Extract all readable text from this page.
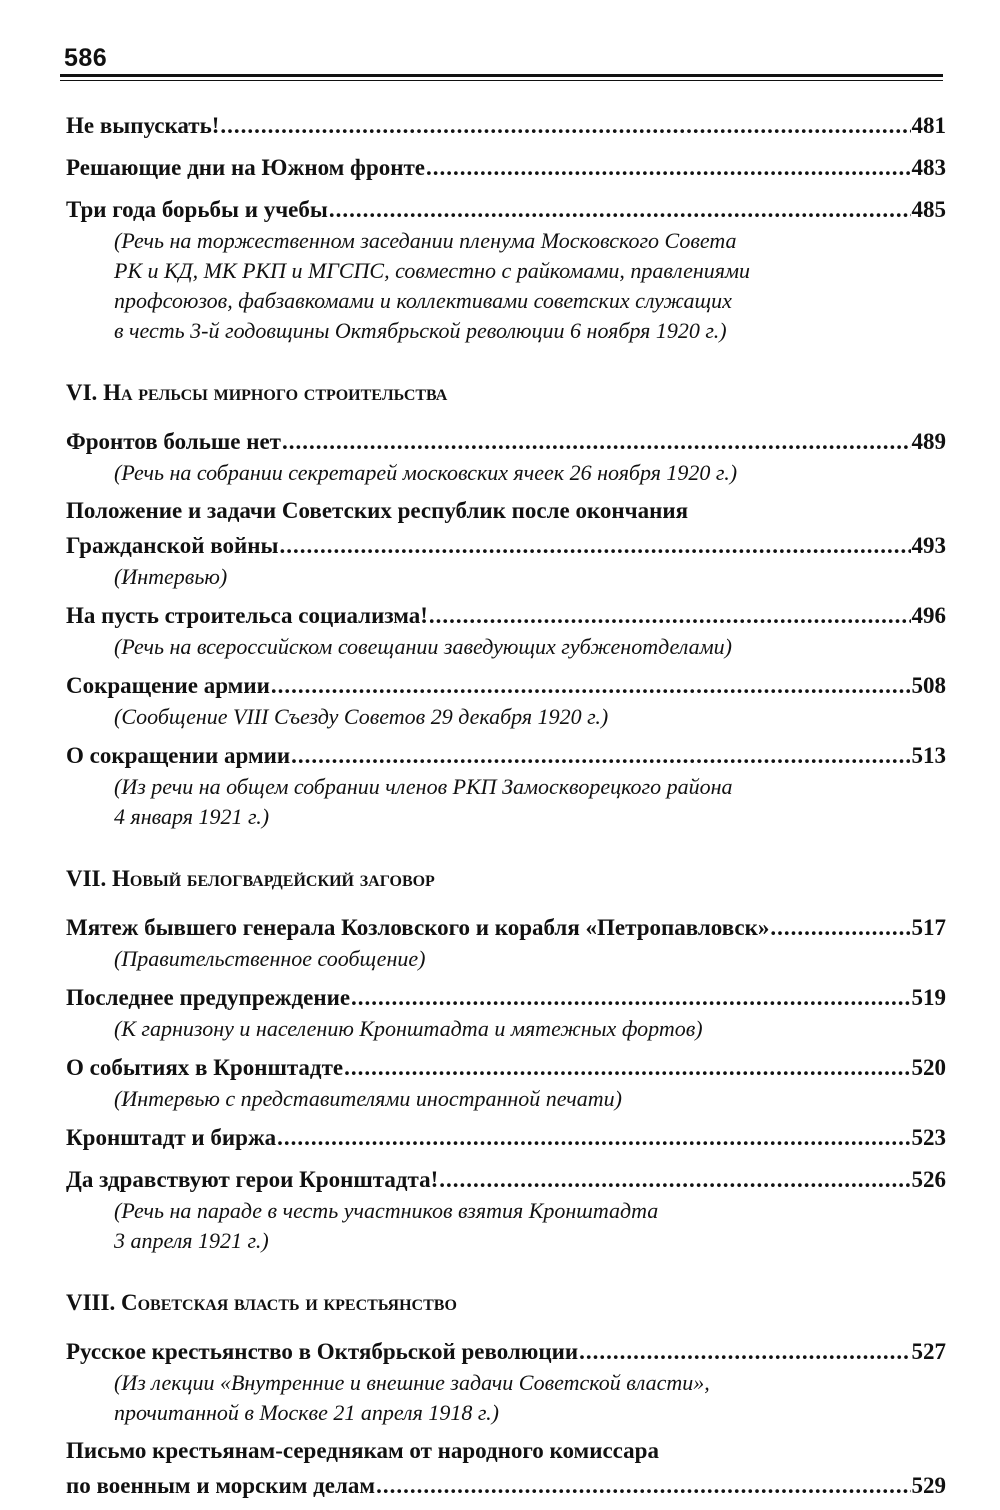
586
Не выпускать! .....	481
Решающие дни на Южном фронте .....	483
Три года борьбы и учебы .....	485
(Речь на торжественном заседании пленума Московского Совета
РК и КД, МК РКП и МГСПС, совместно с райкомами, правлениями
профсоюзов, фабзавкомами и коллективами советских служащих
в честь 3-й годовщины Октябрьской революции 6 ноября 1920 г.)
VI. На рельсы мирного строительства
Фронтов больше нет .....	489
(Речь на собрании секретарей московских ячеек 26 ноября 1920 г.)
Положение и задачи Советских республик после окончания
Гражданской войны .....	493
(Интервью)
На пусть строительса социализма! .....	496
(Речь на всероссийском совещании заведующих губженотделами)
Сокращение армии .....	508
(Сообщение VIII Съезду Советов 29 декабря 1920 г.)
О сокращении армии .....	513
(Из речи на общем собрании членов РКП Замоскворецкого района
4 января 1921 г.)
VII. Новый белогвардейский заговор
Мятеж бывшего генерала Козловского и корабля «Петропавловск» .....	517
(Правительственное сообщение)
Последнее предупреждение .....	519
(К гарнизону и населению Кронштадта и мятежных фортов)
О событиях в Кронштадте .....	520
(Интервью с представителями иностранной печати)
Кронштадт и биржа .....	523
Да здравствуют герои Кронштадта! .....	526
(Речь на параде в честь участников взятия Кронштадта
3 апреля 1921 г.)
VIII. Советская власть и крестьянство
Русское крестьянство в Октябрьской революции .....	527
(Из лекции «Внутренние и внешние задачи Советской власти»,
прочитанной в Москве 21 апреля 1918 г.)
Письмо крестьянам-середнякам от народного комиссара
по военным и морским делам .....	529
